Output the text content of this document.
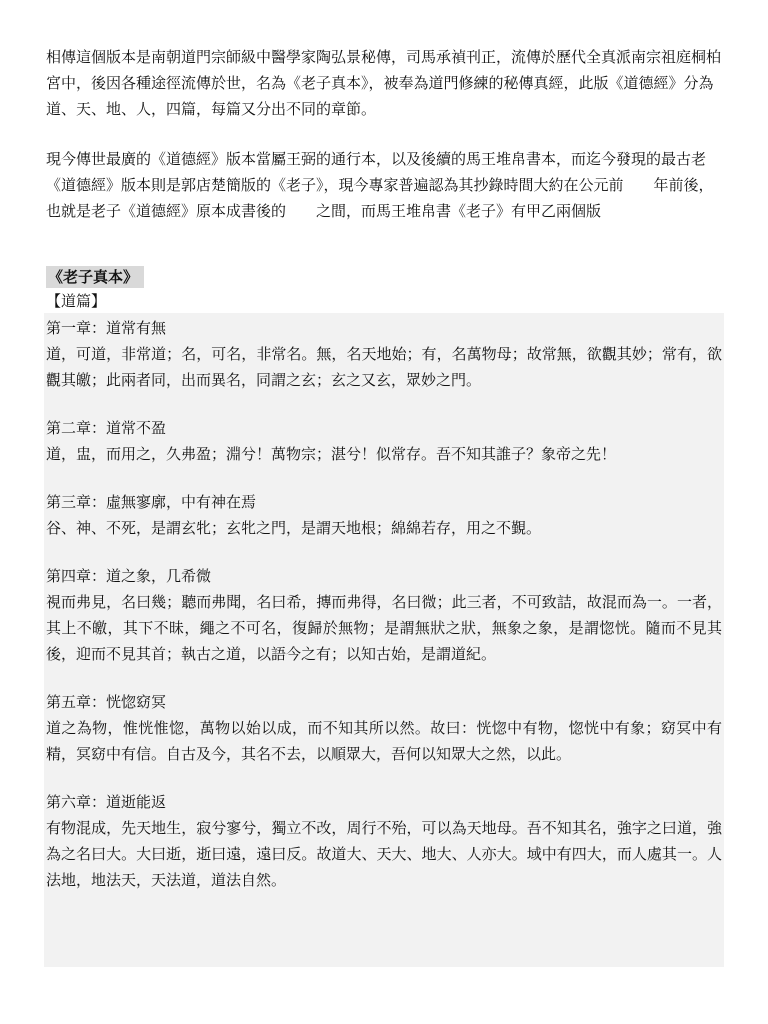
相傳這個版本是南朝道門宗師級中醫學家陶弘景秘傳，司馬承禎刊正，流傳於歷代全真派南宗祖庭桐柏宮中，後因各種途徑流傳於世，名為《老子真本》，被奉為道門修練的秘傳真經，此版《道德經》分為道、天、地、人，四篇，每篇又分出不同的章節。

現今傳世最廣的《道德經》版本當屬王弼的通行本，以及後續的馬王堆帛書本，而迄今發現的最古老《道德經》版本則是郭店楚簡版的《老子》，現今專家普遍認為其抄錄時間大約在公元前　　年前後，也就是老子《道德經》原本成書後的　　之間，而馬王堆帛書《老子》有甲乙兩個版

《老子真本》
【道篇】
第一章：道常有無
道，可道，非常道；名，可名，非常名。無，名天地始；有，名萬物母；故常無，欲觀其妙；常有，欲觀其皦；此兩者同，出而異名，同謂之玄；玄之又玄，眾妙之門。
第二章：道常不盈
道，盅，而用之，久弗盈；淵兮！萬物宗；湛兮！似常存。吾不知其誰子？象帝之先！
第三章：虛無寥廓，中有神在焉
谷、神、不死，是謂玄牝；玄牝之門，是謂天地根；綿綿若存，用之不覲。
第四章：道之象，几希微
視而弗見，名曰幾；聽而弗聞，名曰希，摶而弗得，名曰微；此三者，不可致詰，故混而為一。一者，其上不皦，其下不昧，繩之不可名，復歸於無物；是謂無狀之狀，無象之象，是謂惚恍。隨而不見其後，迎而不見其首；執古之道，以語今之有；以知古始，是謂道紀。
第五章：恍惚窈冥
道之為物，惟恍惟惚，萬物以始以成，而不知其所以然。故曰：恍惚中有物，惚恍中有象；窈冥中有精，冥窈中有信。自古及今，其名不去，以順眾大，吾何以知眾大之然，以此。
第六章：道逝能返
有物混成，先天地生，寂兮寥兮，獨立不改，周行不殆，可以為天地母。吾不知其名，強字之曰道，強為之名曰大。大曰逝，逝曰遠，遠曰反。故道大、天大、地大、人亦大。域中有四大，而人處其一。人法地，地法天，天法道，道法自然。
